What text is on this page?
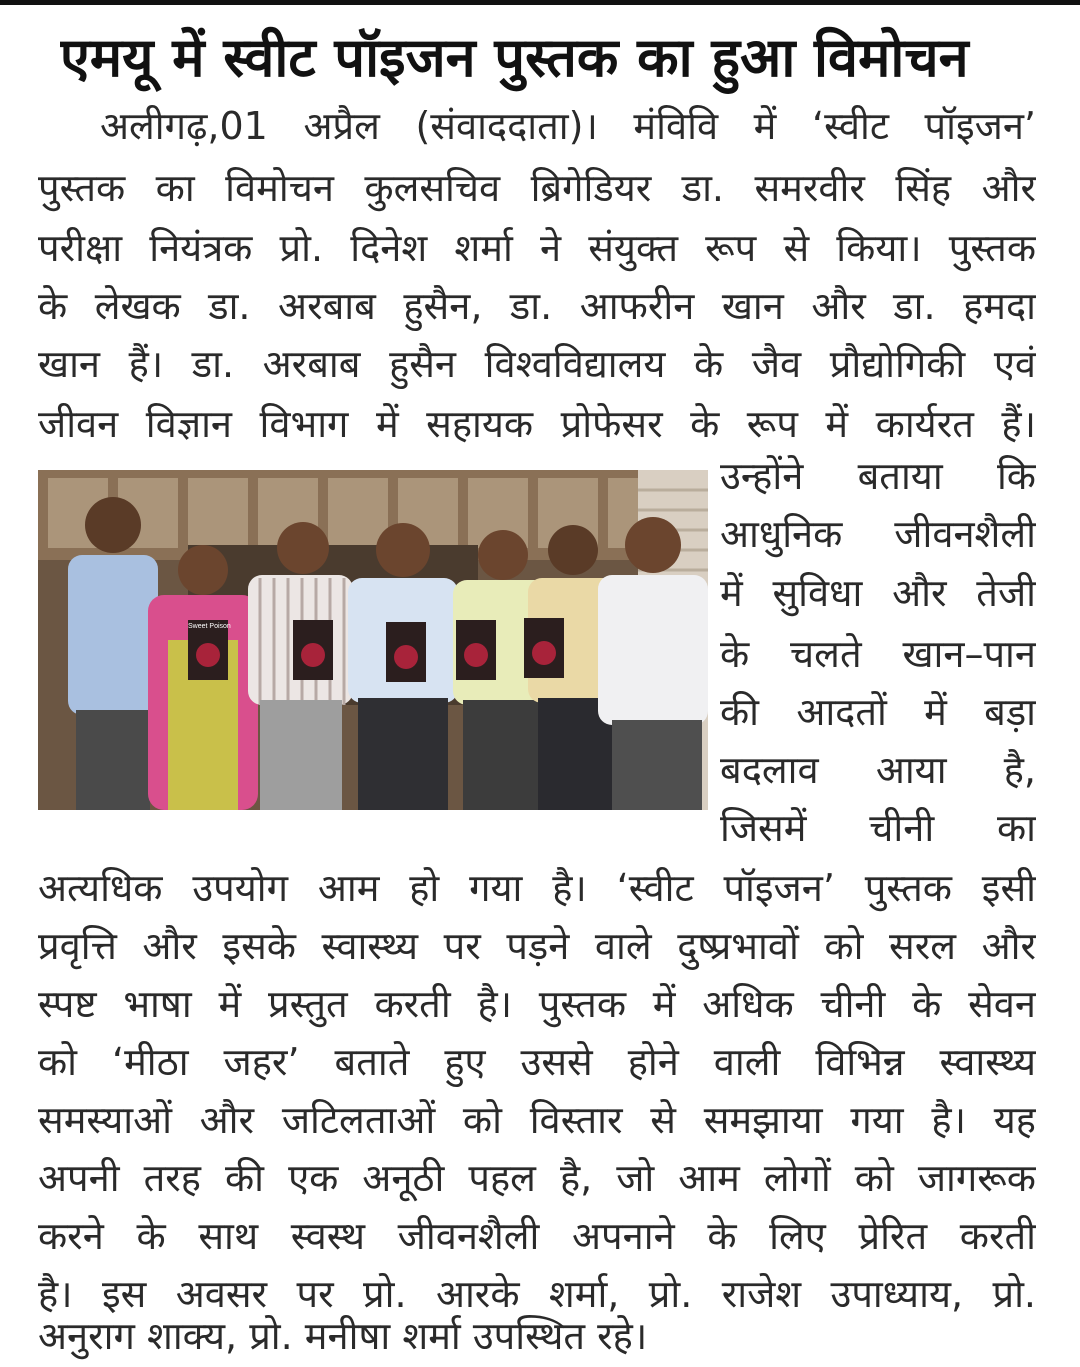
एमयू में स्वीट पॉइजन पुस्तक का हुआ विमोचन
अलीगढ़,01 अप्रैल (संवाददाता)। मंविवि में ‘स्वीट पॉइजन’
पुस्तक का विमोचन कुलसचिव ब्रिगेडियर डा. समरवीर सिंह और
परीक्षा नियंत्रक प्रो. दिनेश शर्मा ने संयुक्त रूप से किया। पुस्तक
के लेखक डा. अरबाब हुसैन, डा. आफरीन खान और डा. हमदा
खान हैं। डा. अरबाब हुसैन विश्वविद्यालय के जैव प्रौद्योगिकी एवं
जीवन विज्ञान विभाग में सहायक प्रोफेसर के रूप में कार्यरत हैं।
Sweet Poison
उन्होंने बताया कि
आधुनिक जीवनशैली
में सुविधा और तेजी
के चलते खान–पान
की आदतों में बड़ा
बदलाव आया है,
जिसमें चीनी का
अत्यधिक उपयोग आम हो गया है। ‘स्वीट पॉइजन’ पुस्तक इसी
प्रवृत्ति और इसके स्वास्थ्य पर पड़ने वाले दुष्प्रभावों को सरल और
स्पष्ट भाषा में प्रस्तुत करती है। पुस्तक में अधिक चीनी के सेवन
को ‘मीठा जहर’ बताते हुए उससे होने वाली विभिन्न स्वास्थ्य
समस्याओं और जटिलताओं को विस्तार से समझाया गया है। यह
अपनी तरह की एक अनूठी पहल है, जो आम लोगों को जागरूक
करने के साथ स्वस्थ जीवनशैली अपनाने के लिए प्रेरित करती
है। इस अवसर पर प्रो. आरके शर्मा, प्रो. राजेश उपाध्याय, प्रो.
अनुराग शाक्य, प्रो. मनीषा शर्मा उपस्थित रहे।
